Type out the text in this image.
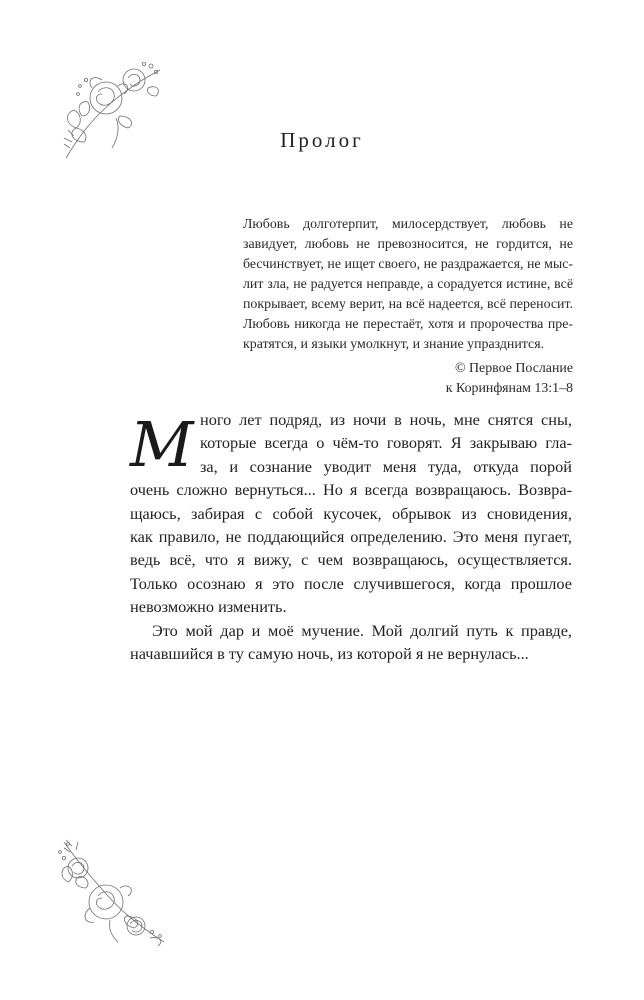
Пролог
Любовь долготерпит, милосердствует, любовь не
завидует, любовь не превозносится, не гордится, не
бесчинствует, не ищет своего, не раздражается, не мыс-
лит зла, не радуется неправде, а сорадуется истине, всё
покрывает, всему верит, на всё надеется, всё переносит.
Любовь никогда не перестаёт, хотя и пророчества пре-
кратятся, и языки умолкнут, и знание упразднится.
© Первое Послание
к Коринфянам 13:1–8
М ного лет подряд, из ночи в ночь, мне снятся сны,
которые всегда о чём-то говорят. Я закрываю гла-
за, и сознание уводит меня туда, откуда порой
очень сложно вернуться... Но я всегда возвращаюсь. Возвра-
щаюсь, забирая с собой кусочек, обрывок из сновидения,
как правило, не поддающийся определению. Это меня пугает,
ведь всё, что я вижу, с чем возвращаюсь, осуществляется.
Только осознаю я это после случившегося, когда прошлое
невозможно изменить.
Это мой дар и моё мучение. Мой долгий путь к правде,
начавшийся в ту самую ночь, из которой я не вернулась...
